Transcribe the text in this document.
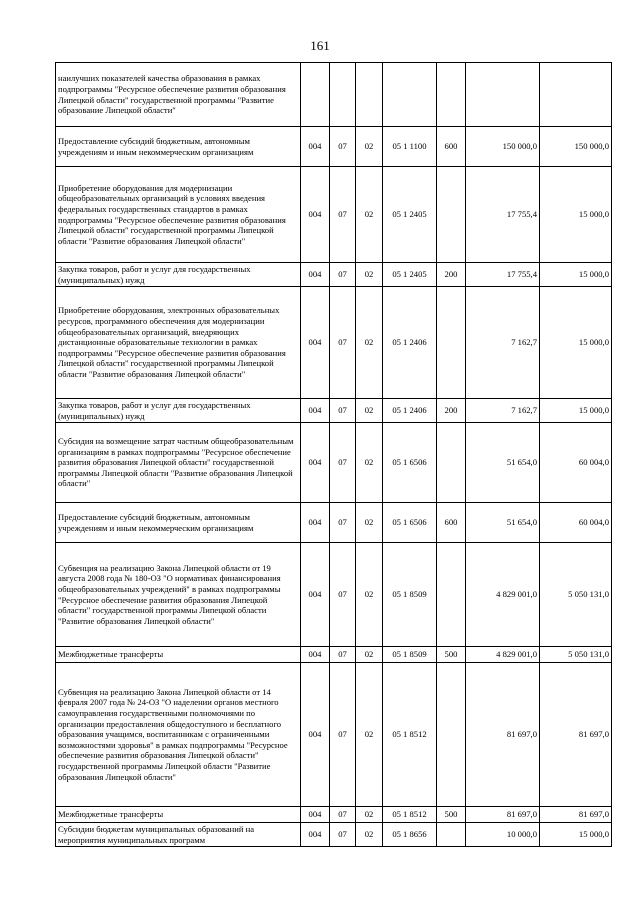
161
наилучших показателей качества образования в рамках подпрограммы "Ресурсное обеспечение развития образования Липецкой области" государственной программы "Развитие образование Липецкой области"							
Предоставление субсидий бюджетным, автономным учреждениям и иным некоммерческим организациям	004	07	02	05 1 1100	600	150 000,0	150 000,0
Приобретение оборудования для модернизации общеобразовательных организаций в условиях введения федеральных государственных стандартов в рамках подпрограммы "Ресурсное обеспечение развития образования Липецкой области" государственной программы Липецкой области "Развитие образования Липецкой области"	004	07	02	05 1 2405		17 755,4	15 000,0
Закупка товаров, работ и услуг для государственных (муниципальных) нужд	004	07	02	05 1 2405	200	17 755,4	15 000,0
Приобретение оборудования, электронных образовательных ресурсов, программного обеспечения для модернизации общеобразовательных организаций, внедряющих дистанционные образовательные технологии в рамках подпрограммы "Ресурсное обеспечение развития образования Липецкой области" государственной программы Липецкой области "Развитие образования Липецкой области"	004	07	02	05 1 2406		7 162,7	15 000,0
Закупка товаров, работ и услуг для государственных (муниципальных) нужд	004	07	02	05 1 2406	200	7 162,7	15 000,0
Субсидия на возмещение затрат частным общеобразовательным организациям в рамках подпрограммы "Ресурсное обеспечение развития образования Липецкой области" государственной программы Липецкой области "Развитие образования Липецкой области"	004	07	02	05 1 6506		51 654,0	60 004,0
Предоставление субсидий бюджетным, автономным учреждениям и иным некоммерческим организациям	004	07	02	05 1 6506	600	51 654,0	60 004,0
Субвенция на реализацию Закона Липецкой области от 19 августа 2008 года № 180-ОЗ "О нормативах финансирования общеобразовательных учреждений" в рамках подпрограммы "Ресурсное обеспечение развития образования Липецкой области" государственной программы Липецкой области "Развитие образования Липецкой области"	004	07	02	05 1 8509		4 829 001,0	5 050 131,0
Межбюджетные трансферты	004	07	02	05 1 8509	500	4 829 001,0	5 050 131,0
Субвенция на реализацию Закона Липецкой области от 14 февраля 2007 года № 24-ОЗ "О наделении органов местного самоуправления государственными полномочиями по организации предоставления общедоступного и бесплатного образования учащимся, воспитанникам с ограниченными возможностями здоровья" в рамках подпрограммы "Ресурсное обеспечение развития образования Липецкой области" государственной программы Липецкой области "Развитие образования Липецкой области"	004	07	02	05 1 8512		81 697,0	81 697,0
Межбюджетные трансферты	004	07	02	05 1 8512	500	81 697,0	81 697,0
Субсидии бюджетам муниципальных образований на мероприятия муниципальных программ	004	07	02	05 1 8656		10 000,0	15 000,0
